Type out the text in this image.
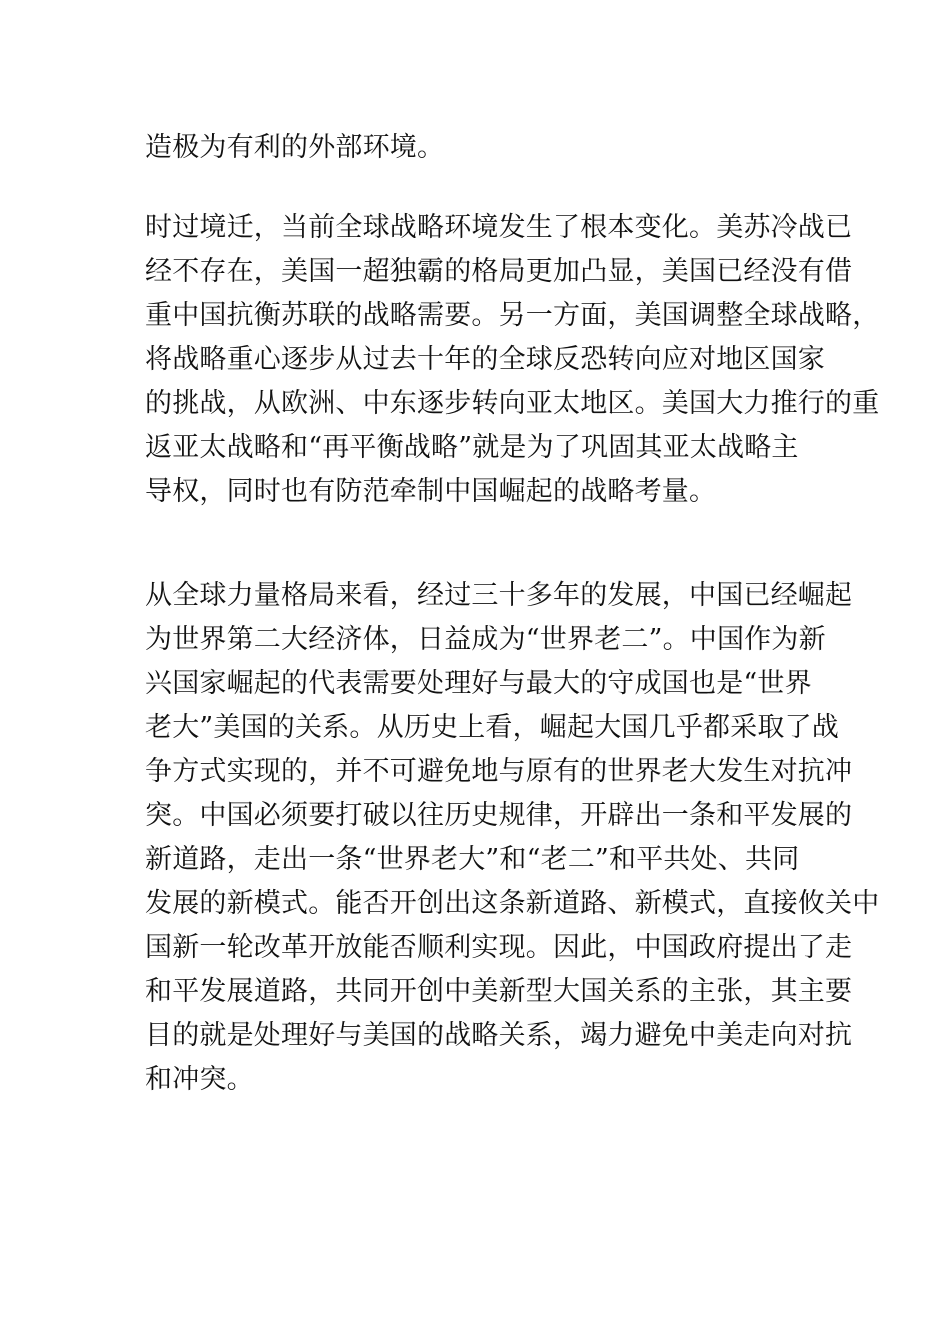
造极为有利的外部环境。
时过境迁，当前全球战略环境发生了根本变化。美苏冷战已
经不存在，美国一超独霸的格局更加凸显，美国已经没有借
重中国抗衡苏联的战略需要。另一方面，美国调整全球战略，
将战略重心逐步从过去十年的全球反恐转向应对地区国家
的挑战，从欧洲、中东逐步转向亚太地区。美国大力推行的重
返亚太战略和“再平衡战略”就是为了巩固其亚太战略主
导权，同时也有防范牵制中国崛起的战略考量。
从全球力量格局来看，经过三十多年的发展，中国已经崛起
为世界第二大经济体，日益成为“世界老二”。中国作为新
兴国家崛起的代表需要处理好与最大的守成国也是“世界
老大”美国的关系。从历史上看，崛起大国几乎都采取了战
争方式实现的，并不可避免地与原有的世界老大发生对抗冲
突。中国必须要打破以往历史规律，开辟出一条和平发展的
新道路，走出一条“世界老大”和“老二”和平共处、共同
发展的新模式。能否开创出这条新道路、新模式，直接攸关中
国新一轮改革开放能否顺利实现。因此，中国政府提出了走
和平发展道路，共同开创中美新型大国关系的主张，其主要
目的就是处理好与美国的战略关系，竭力避免中美走向对抗
和冲突。
